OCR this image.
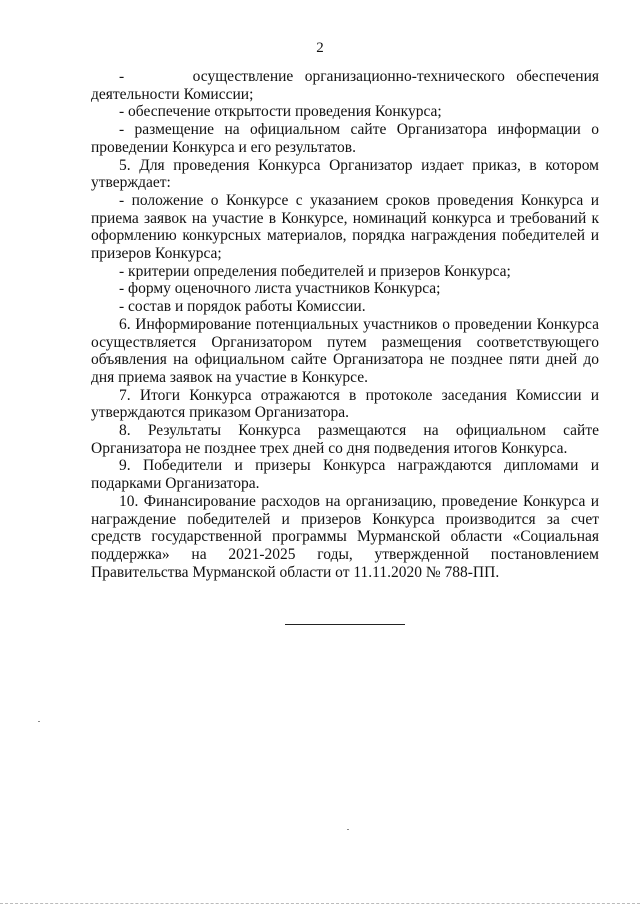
2

-      осуществление организационно-технического обеспечения деятельности Комиссии;

- обеспечение открытости проведения Конкурса;

- размещение на официальном сайте Организатора информации о проведении Конкурса и его результатов.

5. Для проведения Конкурса Организатор издает приказ, в котором утверждает:

- положение о Конкурсе с указанием сроков проведения Конкурса и приема заявок на участие в Конкурсе, номинаций конкурса и требований к оформлению конкурсных материалов, порядка награждения победителей и призеров Конкурса;

- критерии определения победителей и призеров Конкурса;

- форму оценочного листа участников Конкурса;

- состав и порядок работы Комиссии.

6. Информирование потенциальных участников о проведении Конкурса осуществляется Организатором путем размещения соответствующего объявления на официальном сайте Организатора не позднее пяти дней до дня приема заявок на участие в Конкурсе.

7. Итоги Конкурса отражаются в протоколе заседания Комиссии и утверждаются приказом Организатора.

8. Результаты Конкурса размещаются на официальном сайте Организатора не позднее трех дней со дня подведения итогов Конкурса.

9. Победители и призеры Конкурса награждаются дипломами и подарками Организатора.

10. Финансирование расходов на организацию, проведение Конкурса и награждение победителей и призеров Конкурса производится за счет средств государственной программы Мурманской области «Социальная поддержка» на 2021-2025 годы, утвержденной постановлением Правительства Мурманской области от 11.11.2020 № 788-ПП.
